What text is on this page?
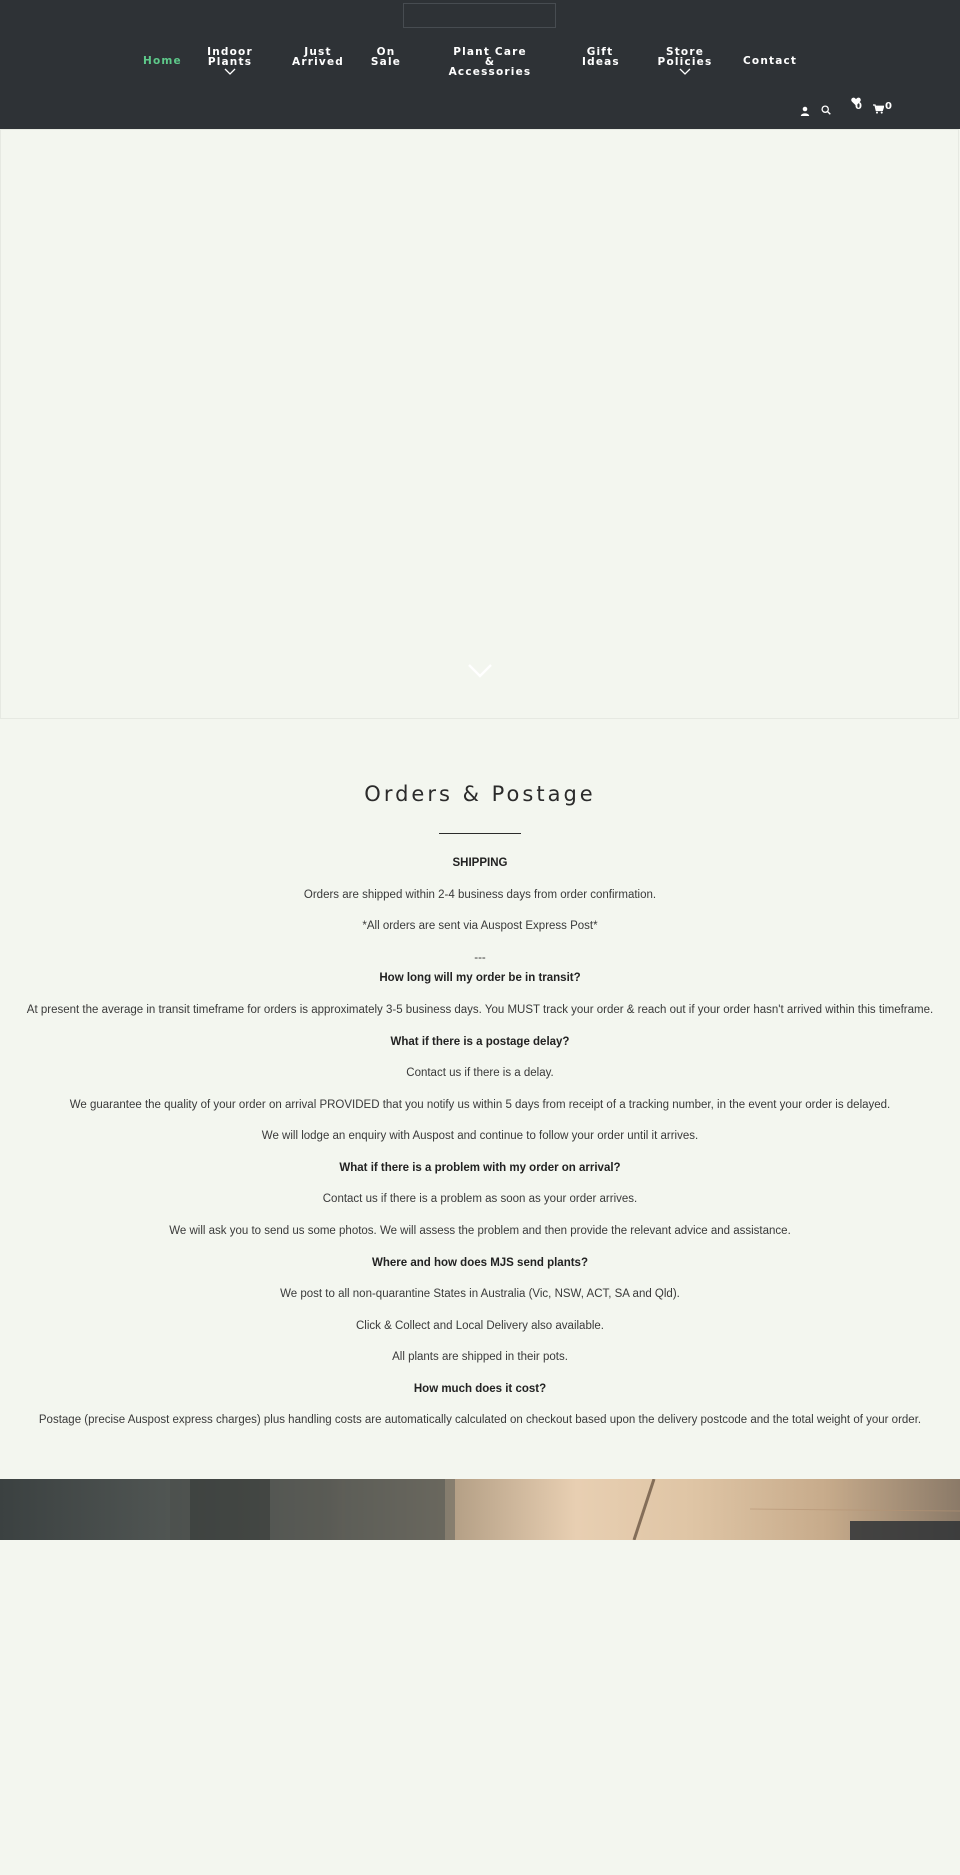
Home
Indoor Plants
Just Arrived
On Sale
Plant Care & Accessories
Gift Ideas
Store Policies	Contact
0 0
Orders & Postage
SHIPPING
Orders are shipped within 2-4 business days from order confirmation.
*All orders are sent via Auspost Express Post*
---
How long will my order be in transit?
At present the average in transit timeframe for orders is approximately 3-5 business days. You MUST track your order & reach out if your order hasn't arrived within this timeframe.
What if there is a postage delay?
Contact us if there is a delay.
We guarantee the quality of your order on arrival PROVIDED that you notify us within 5 days from receipt of a tracking number, in the event your order is delayed.
We will lodge an enquiry with Auspost and continue to follow your order until it arrives.
What if there is a problem with my order on arrival?
Contact us if there is a problem as soon as your order arrives.
We will ask you to send us some photos. We will assess the problem and then provide the relevant advice and assistance.
Where and how does MJS send plants?
We post to all non-quarantine States in Australia (Vic, NSW, ACT, SA and Qld).
Click & Collect and Local Delivery also available.
All plants are shipped in their pots.
How much does it cost?
Postage (precise Auspost express charges) plus handling costs are automatically calculated on checkout based upon the delivery postcode and the total weight of your order.
